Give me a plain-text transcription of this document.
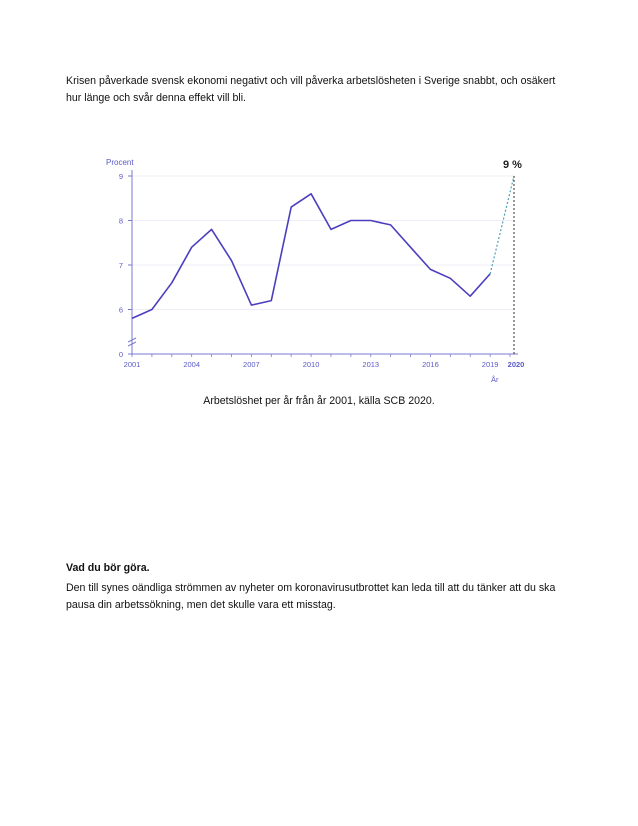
Krisen påverkade svensk ekonomi negativt och vill påverka arbetslösheten i Sverige snabbt, och osäkert hur länge och svår denna effekt vill bli.

0
6
7
8
9
2001	2004	2007	2010	2013	2016	2019 2020
Procent
År
9 %

Arbetslöshet per år från år 2001, källa SCB 2020.

Vad du bör göra.

Den till synes oändliga strömmen av nyheter om koronavirusutbrottet kan leda till att du tänker att du ska pausa din arbetssökning, men det skulle vara ett misstag.
